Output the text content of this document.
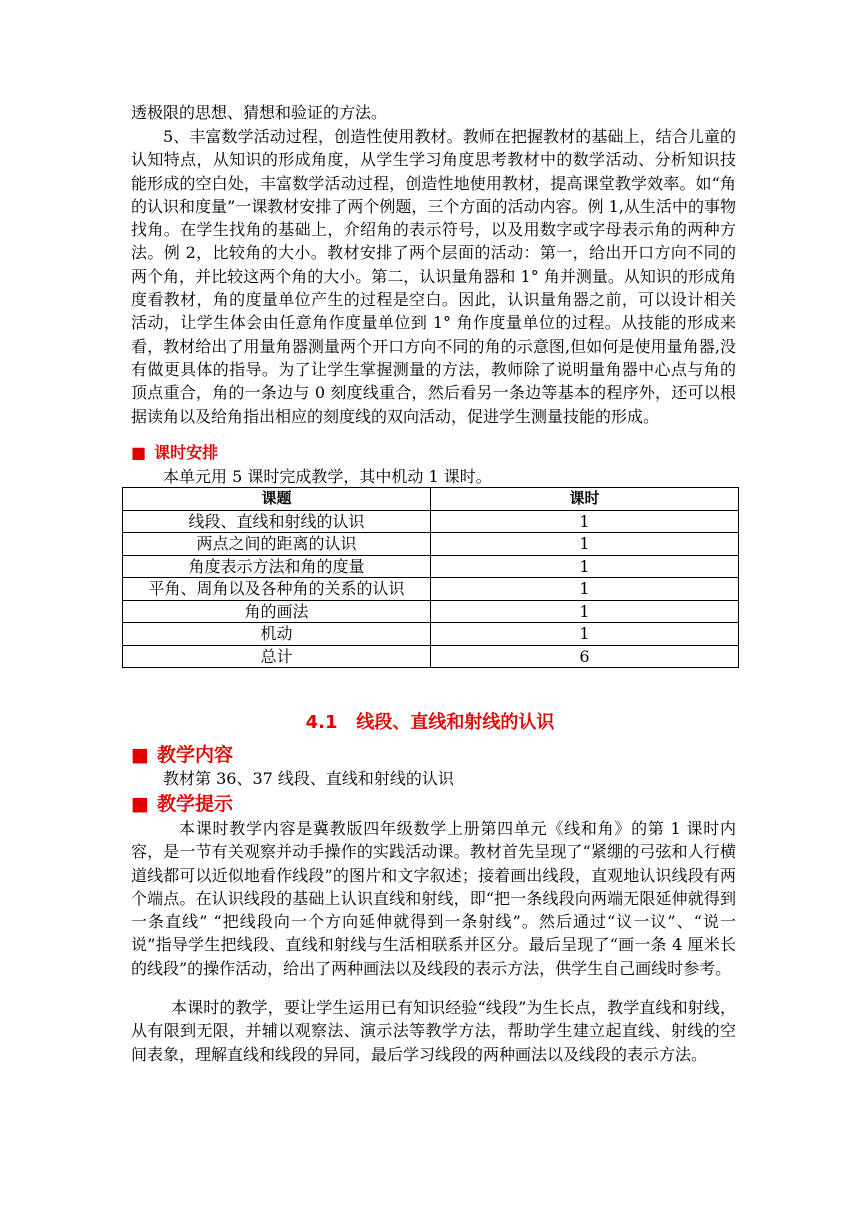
透极限的思想、猜想和验证的方法。

5、丰富数学活动过程，创造性使用教材。教师在把握教材的基础上，结合儿童的认知特点，从知识的形成角度，从学生学习角度思考教材中的数学活动、分析知识技能形成的空白处，丰富数学活动过程，创造性地使用教材，提高课堂教学效率。如“角的认识和度量”一课教材安排了两个例题，三个方面的活动内容。例 1,从生活中的事物找角。在学生找角的基础上，介绍角的表示符号，以及用数字或字母表示角的两种方法。例 2，比较角的大小。教材安排了两个层面的活动：第一，给出开口方向不同的两个角，并比较这两个角的大小。第二，认识量角器和 1° 角并测量。从知识的形成角度看教材，角的度量单位产生的过程是空白。因此，认识量角器之前，可以设计相关活动，让学生体会由任意角作度量单位到 1° 角作度量单位的过程。从技能的形成来看，教材给出了用量角器测量两个开口方向不同的角的示意图,但如何是使用量角器,没有做更具体的指导。为了让学生掌握测量的方法，教师除了说明量角器中心点与角的顶点重合，角的一条边与 0 刻度线重合，然后看另一条边等基本的程序外，还可以根据读角以及给角指出相应的刻度线的双向活动，促进学生测量技能的形成。

■ 课时安排
本单元用 5 课时完成教学，其中机动 1 课时。
课题	课时
线段、直线和射线的认识	1
两点之间的距离的认识	1
角度表示方法和角的度量	1
平角、周角以及各种角的关系的认识	1
角的画法	1
机动	1
总计	6
4.1   线段、直线和射线的认识
■ 教学内容
教材第 36、37 线段、直线和射线的认识
■ 教学提示

本课时教学内容是冀教版四年级数学上册第四单元《线和角》的第 1 课时内容，是一节有关观察并动手操作的实践活动课。教材首先呈现了“紧绷的弓弦和人行横道线都可以近似地看作线段”的图片和文字叙述；接着画出线段，直观地认识线段有两个端点。在认识线段的基础上认识直线和射线，即“把一条线段向两端无限延伸就得到一条直线” “把线段向一个方向延伸就得到一条射线”。然后通过“议一议”、“说一说”指导学生把线段、直线和射线与生活相联系并区分。最后呈现了“画一条 4 厘米长的线段”的操作活动，给出了两种画法以及线段的表示方法，供学生自己画线时参考。

本课时的教学，要让学生运用已有知识经验“线段”为生长点，教学直线和射线，从有限到无限，并辅以观察法、演示法等教学方法，帮助学生建立起直线、射线的空间表象，理解直线和线段的异同，最后学习线段的两种画法以及线段的表示方法。
